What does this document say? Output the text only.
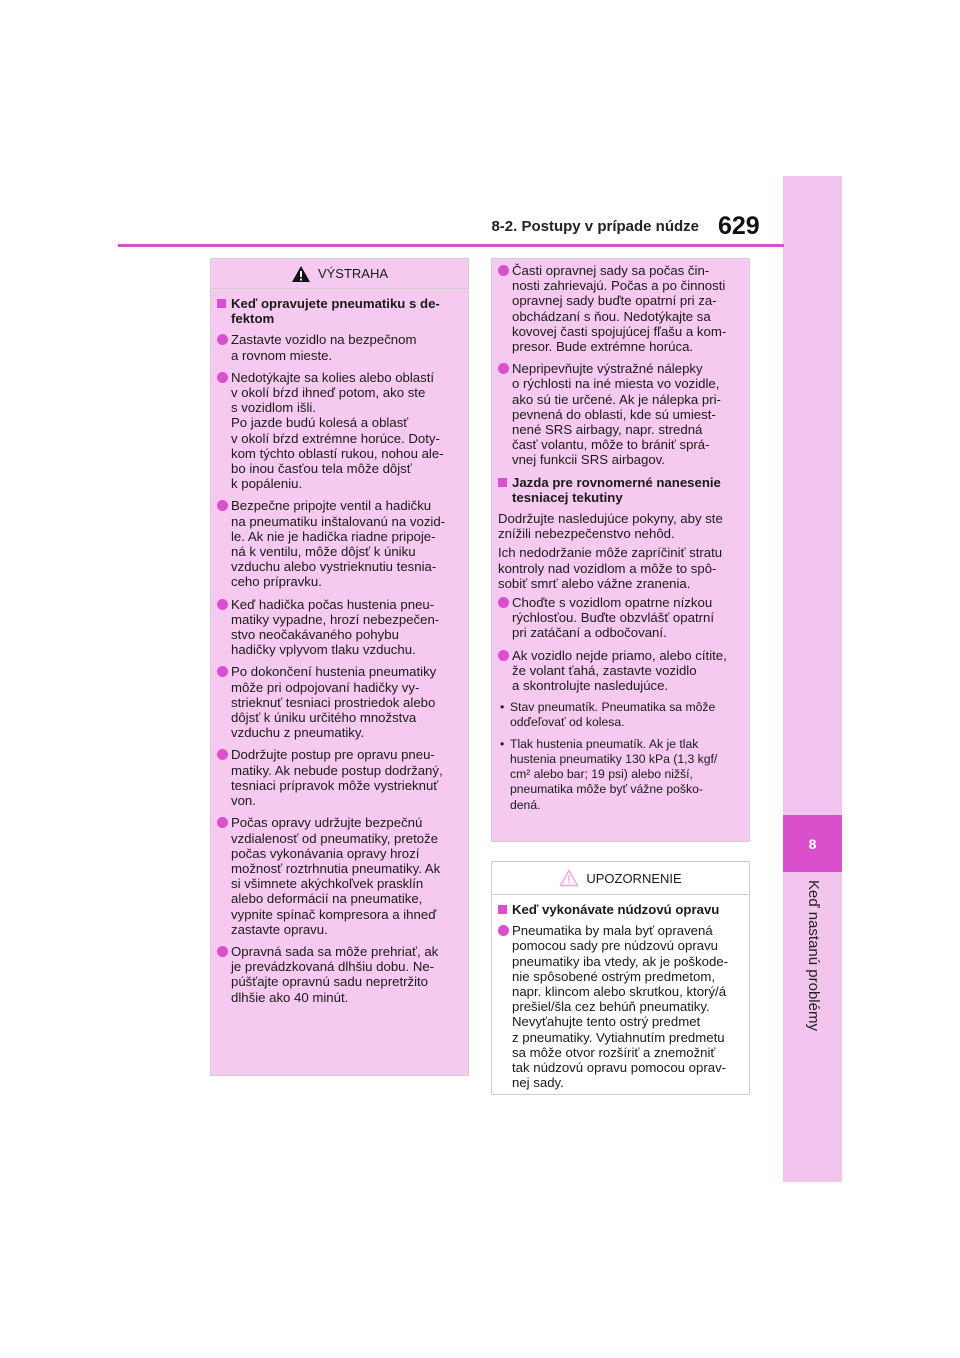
8
Keď nastanú problémy
8-2. Postupy v prípade núdze 629
VÝSTRAHA
Keď opravujete pneumatiku s de-
fektom
Zastavte vozidlo na bezpečnom
a rovnom mieste.
Nedotýkajte sa kolies alebo oblastí
v okolí bŕzd ihneď potom, ako ste
s vozidlom išli.
Po jazde budú kolesá a oblasť
v okolí bŕzd extrémne horúce. Doty-
kom týchto oblastí rukou, nohou ale-
bo inou časťou tela môže dôjsť
k popáleniu.
Bezpečne pripojte ventil a hadičku
na pneumatiku inštalovanú na vozid-
le. Ak nie je hadička riadne pripoje-
ná k ventilu, môže dôjsť k úniku
vzduchu alebo vystrieknutiu tesnia-
ceho prípravku.
Keď hadička počas hustenia pneu-
matiky vypadne, hrozí nebezpečen-
stvo neočakávaného pohybu
hadičky vplyvom tlaku vzduchu.
Po dokončení hustenia pneumatiky
môže pri odpojovaní hadičky vy-
strieknuť tesniaci prostriedok alebo
dôjsť k úniku určitého množstva
vzduchu z pneumatiky.
Dodržujte postup pre opravu pneu-
matiky. Ak nebude postup dodržaný,
tesniaci prípravok môže vystrieknuť
von.
Počas opravy udržujte bezpečnú
vzdialenosť od pneumatiky, pretože
počas vykonávania opravy hrozí
možnosť roztrhnutia pneumatiky. Ak
si všimnete akýchkoľvek prasklín
alebo deformácií na pneumatike,
vypnite spínač kompresora a ihneď
zastavte opravu.
Opravná sada sa môže prehriať, ak
je prevádzkovaná dlhšiu dobu. Ne-
púšťajte opravnú sadu nepretržito
dlhšie ako 40 minút.
Časti opravnej sady sa počas čin-
nosti zahrievajú. Počas a po činnosti
opravnej sady buďte opatrní pri za-
obchádzaní s ňou. Nedotýkajte sa
kovovej časti spojujúcej fľašu a kom-
presor. Bude extrémne horúca.
Nepripevňujte výstražné nálepky
o rýchlosti na iné miesta vo vozidle,
ako sú tie určené. Ak je nálepka pri-
pevnená do oblasti, kde sú umiest-
nené SRS airbagy, napr. stredná
časť volantu, môže to brániť sprá-
vnej funkcii SRS airbagov.
Jazda pre rovnomerné nanesenie
tesniacej tekutiny
Dodržujte nasledujúce pokyny, aby ste
znížili nebezpečenstvo nehôd.
Ich nedodržanie môže zapríčiniť stratu
kontroly nad vozidlom a môže to spô-
sobiť smrť alebo vážne zranenia.
Choďte s vozidlom opatrne nízkou
rýchlosťou. Buďte obzvlášť opatrní
pri zatáčaní a odbočovaní.
Ak vozidlo nejde priamo, alebo cítite,
že volant ťahá, zastavte vozidlo
a skontrolujte nasledujúce.
• Stav pneumatík. Pneumatika sa môže
odďeľovať od kolesa.
• Tlak hustenia pneumatík. Ak je tlak
hustenia pneumatiky 130 kPa (1,3 kgf/
cm² alebo bar; 19 psi) alebo nižší,
pneumatika môže byť vážne poško-
dená.
UPOZORNENIE
Keď vykonávate núdzovú opravu
Pneumatika by mala byť opravená
pomocou sady pre núdzovú opravu
pneumatiky iba vtedy, ak je poškode-
nie spôsobené ostrým predmetom,
napr. klincom alebo skrutkou, ktorý/á
prešiel/šla cez behúň pneumatiky.
Nevyťahujte tento ostrý predmet
z pneumatiky. Vytiahnutím predmetu
sa môže otvor rozšíriť a znemožniť
tak núdzovú opravu pomocou oprav-
nej sady.
